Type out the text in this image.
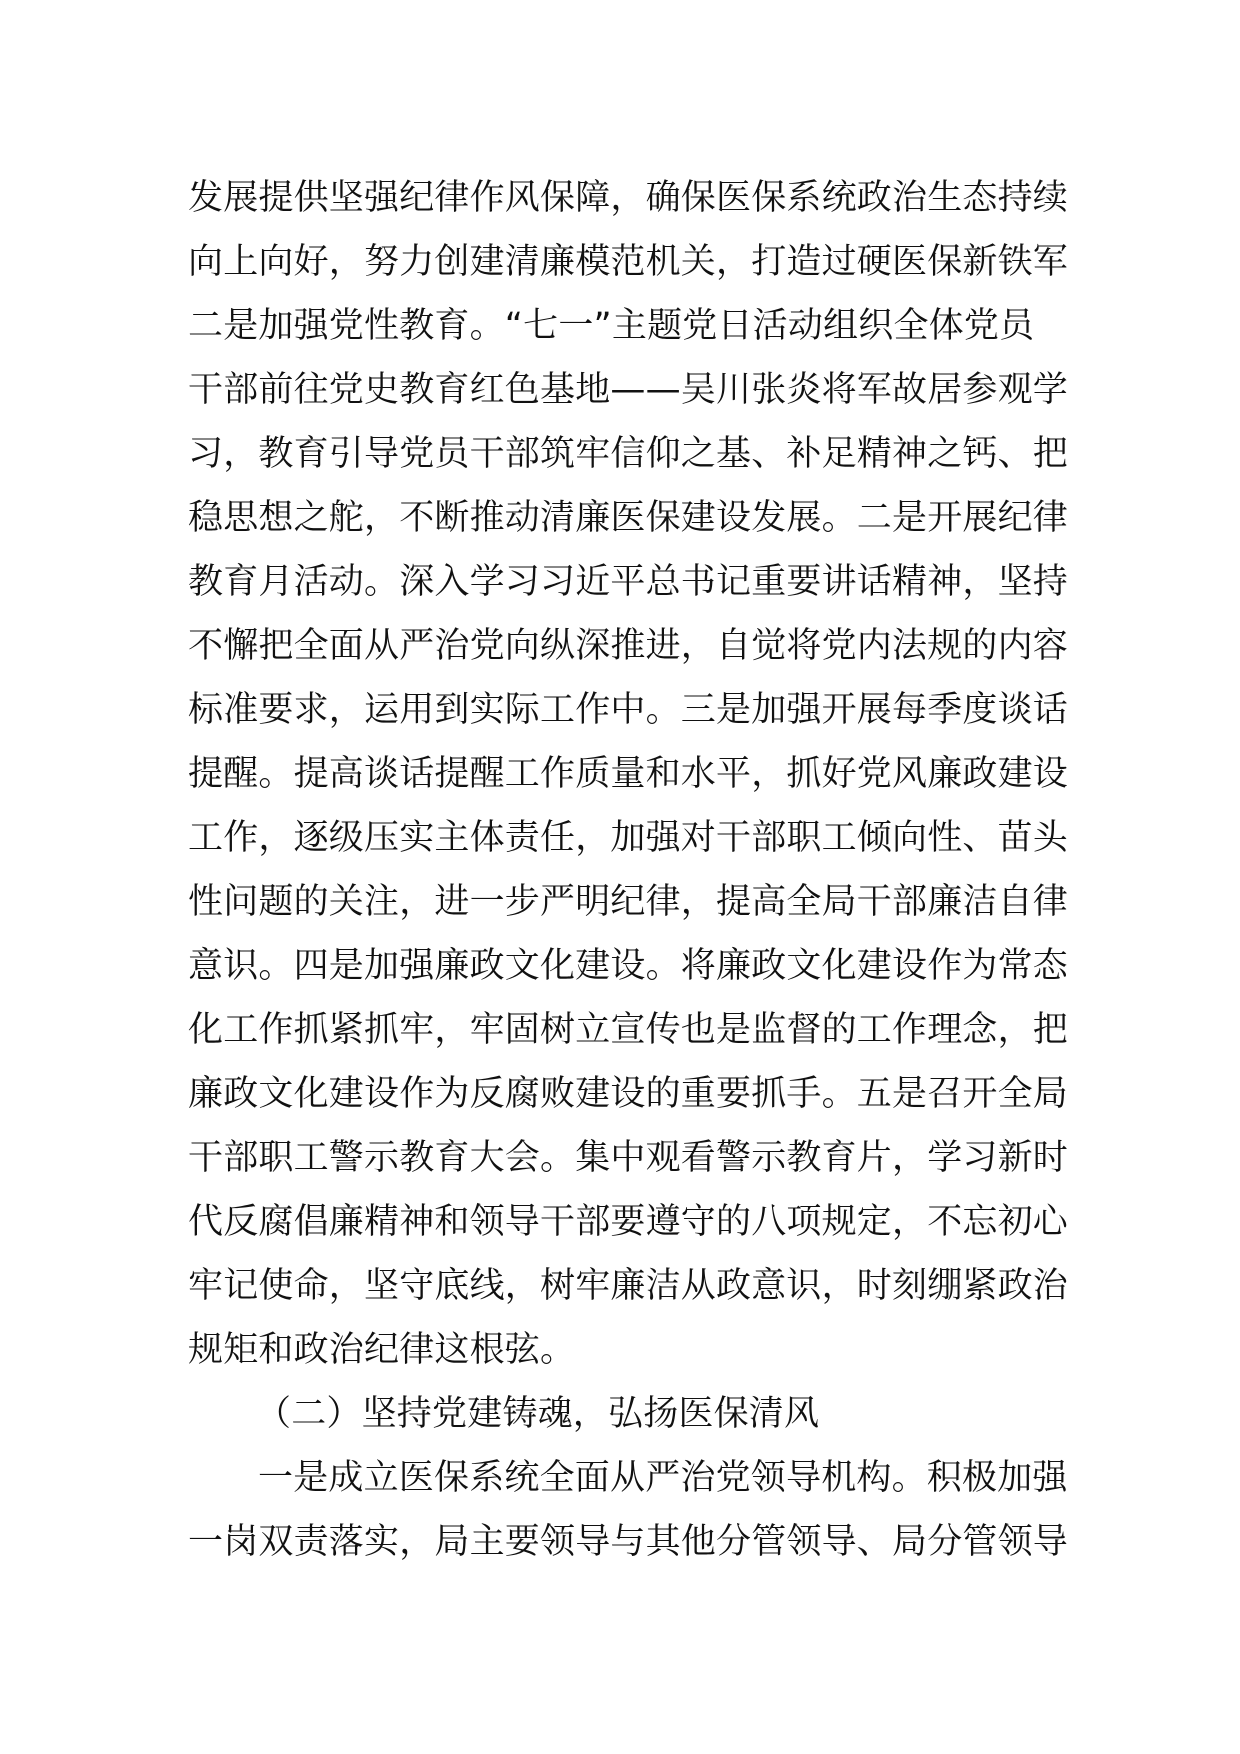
发展提供坚强纪律作风保障，确保医保系统政治生态持续
向上向好，努力创建清廉模范机关，打造过硬医保新铁军
二是加强党性教育。“七一”主题党日活动组织全体党员
干部前往党史教育红色基地——吴川张炎将军故居参观学
习，教育引导党员干部筑牢信仰之基、补足精神之钙、把
稳思想之舵，不断推动清廉医保建设发展。二是开展纪律
教育月活动。深入学习习近平总书记重要讲话精神，坚持
不懈把全面从严治党向纵深推进，自觉将党内法规的内容
标准要求，运用到实际工作中。三是加强开展每季度谈话
提醒。提高谈话提醒工作质量和水平，抓好党风廉政建设
工作，逐级压实主体责任，加强对干部职工倾向性、苗头
性问题的关注，进一步严明纪律，提高全局干部廉洁自律
意识。四是加强廉政文化建设。将廉政文化建设作为常态
化工作抓紧抓牢，牢固树立宣传也是监督的工作理念，把
廉政文化建设作为反腐败建设的重要抓手。五是召开全局
干部职工警示教育大会。集中观看警示教育片，学习新时
代反腐倡廉精神和领导干部要遵守的八项规定，不忘初心
牢记使命，坚守底线，树牢廉洁从政意识，时刻绷紧政治
规矩和政治纪律这根弦。
（二）坚持党建铸魂，弘扬医保清风
一是成立医保系统全面从严治党领导机构。积极加强
一岗双责落实，局主要领导与其他分管领导、局分管领导
